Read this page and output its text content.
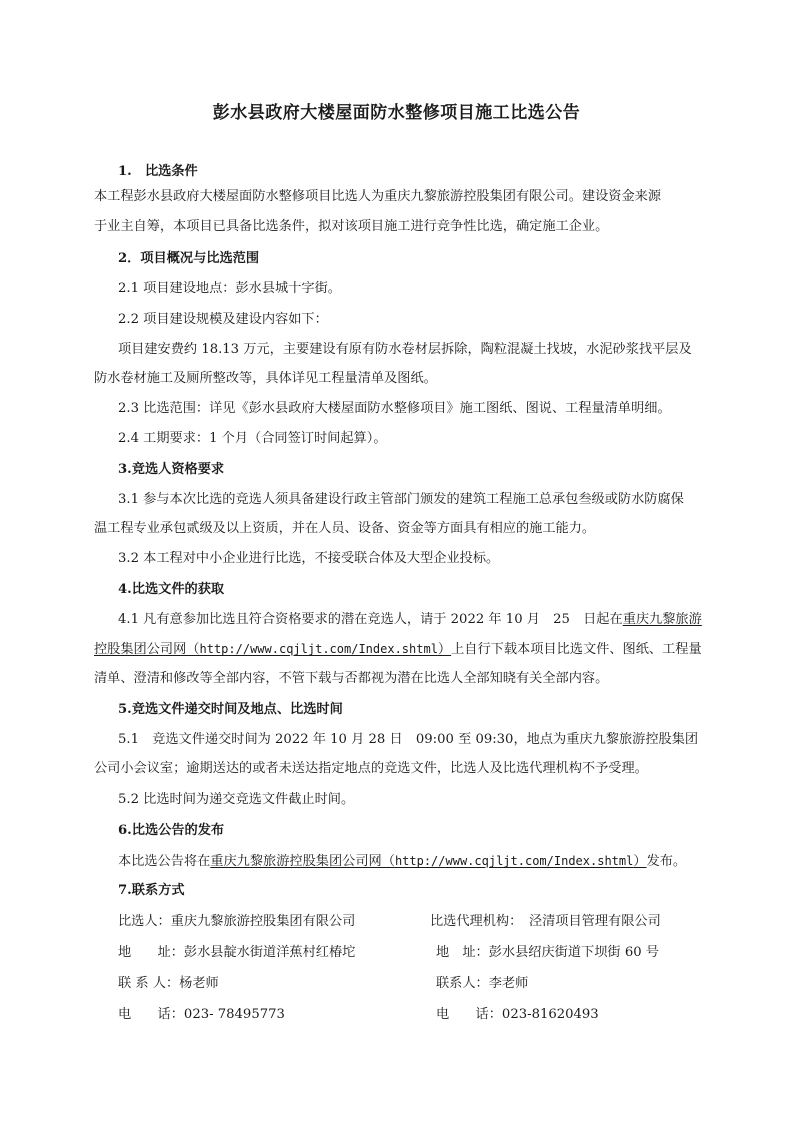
彭水县政府大楼屋面防水整修项目施工比选公告
1.　比选条件
本工程彭水县政府大楼屋面防水整修项目比选人为重庆九黎旅游控股集团有限公司。建设资金来源
于业主自筹，本项目已具备比选条件，拟对该项目施工进行竞争性比选，确定施工企业。
2．项目概况与比选范围
2.1 项目建设地点：彭水县城十字街。
2.2 项目建设规模及建设内容如下：
项目建安费约 18.13 万元，主要建设有原有防水卷材层拆除，陶粒混凝土找坡，水泥砂浆找平层及
防水卷材施工及厕所整改等，具体详见工程量清单及图纸。
2.3 比选范围：详见《彭水县政府大楼屋面防水整修项目》施工图纸、图说、工程量清单明细。
2.4 工期要求：1 个月（合同签订时间起算）。
3.竞选人资格要求
3.1 参与本次比选的竞选人须具备建设行政主管部门颁发的建筑工程施工总承包叁级或防水防腐保
温工程专业承包贰级及以上资质，并在人员、设备、资金等方面具有相应的施工能力。
3.2 本工程对中小企业进行比选，不接受联合体及大型企业投标。
4.比选文件的获取
4.1 凡有意参加比选且符合资格要求的潜在竞选人，请于 2022 年 10 月　25　日起在重庆九黎旅游
控股集团公司网（http://www.cqjljt.com/Index.shtml）上自行下载本项目比选文件、图纸、工程量
清单、澄清和修改等全部内容，不管下载与否都视为潜在比选人全部知晓有关全部内容。
5.竞选文件递交时间及地点、比选时间
5.1　竞选文件递交时间为 2022 年 10 月 28 日　09:00 至 09:30，地点为重庆九黎旅游控股集团
公司小会议室；逾期送达的或者未送达指定地点的竞选文件，比选人及比选代理机构不予受理。
5.2 比选时间为递交竞选文件截止时间。
6.比选公告的发布
本比选公告将在重庆九黎旅游控股集团公司网（http://www.cqjljt.com/Index.shtml）发布。
7.联系方式
比选人：重庆九黎旅游控股集团有限公司	比选代理机构：　泾清项目管理有限公司
地　　址：彭水县靛水街道洋蕉村红椿坨	地　址：彭水县绍庆街道下坝街 60 号
联 系 人：杨老师	联系人：李老师
电　　话：023- 78495773	电　　话：023-81620493
